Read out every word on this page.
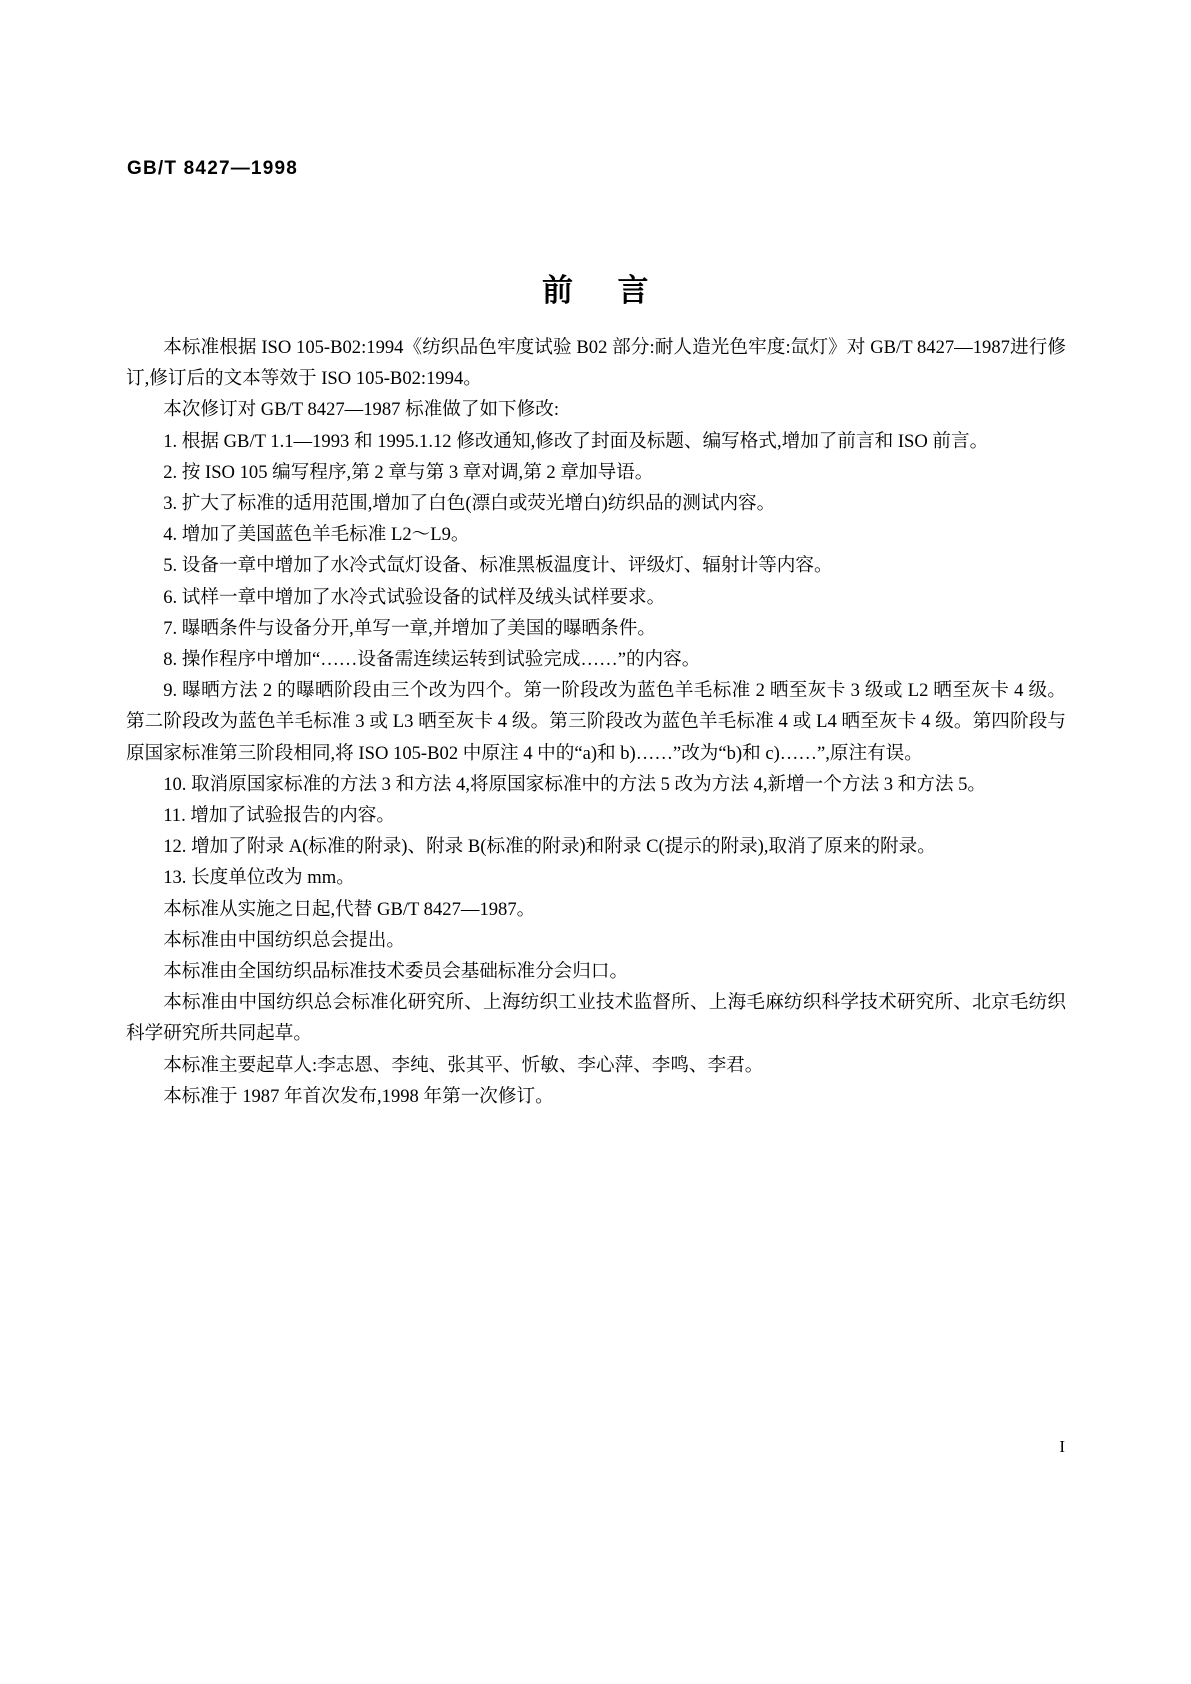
GB/T 8427—1998
前 言

本标准根据 ISO 105-B02:1994《纺织品色牢度试验 B02 部分:耐人造光色牢度:氙灯》对 GB/T 8427—1987进行修订,修订后的文本等效于 ISO 105-B02:1994。

本次修订对 GB/T 8427—1987 标准做了如下修改:

1. 根据 GB/T 1.1—1993 和 1995.1.12 修改通知,修改了封面及标题、编写格式,增加了前言和 ISO 前言。

2. 按 ISO 105 编写程序,第 2 章与第 3 章对调,第 2 章加导语。

3. 扩大了标准的适用范围,增加了白色(漂白或荧光增白)纺织品的测试内容。

4. 增加了美国蓝色羊毛标准 L2～L9。

5. 设备一章中增加了水冷式氙灯设备、标准黑板温度计、评级灯、辐射计等内容。

6. 试样一章中增加了水冷式试验设备的试样及绒头试样要求。

7. 曝晒条件与设备分开,单写一章,并增加了美国的曝晒条件。

8. 操作程序中增加“……设备需连续运转到试验完成……”的内容。

9. 曝晒方法 2 的曝晒阶段由三个改为四个。第一阶段改为蓝色羊毛标准 2 晒至灰卡 3 级或 L2 晒至灰卡 4 级。第二阶段改为蓝色羊毛标准 3 或 L3 晒至灰卡 4 级。第三阶段改为蓝色羊毛标准 4 或 L4 晒至灰卡 4 级。第四阶段与原国家标准第三阶段相同,将 ISO 105-B02 中原注 4 中的“a)和 b)……”改为“b)和 c)……”,原注有误。

10. 取消原国家标准的方法 3 和方法 4,将原国家标准中的方法 5 改为方法 4,新增一个方法 3 和方法 5。

11. 增加了试验报告的内容。

12. 增加了附录 A(标准的附录)、附录 B(标准的附录)和附录 C(提示的附录),取消了原来的附录。

13. 长度单位改为 mm。

本标准从实施之日起,代替 GB/T 8427—1987。

本标准由中国纺织总会提出。

本标准由全国纺织品标准技术委员会基础标准分会归口。

本标准由中国纺织总会标准化研究所、上海纺织工业技术监督所、上海毛麻纺织科学技术研究所、北京毛纺织科学研究所共同起草。

本标准主要起草人:李志恩、李纯、张其平、忻敏、李心萍、李鸣、李君。

本标准于 1987 年首次发布,1998 年第一次修订。

I
